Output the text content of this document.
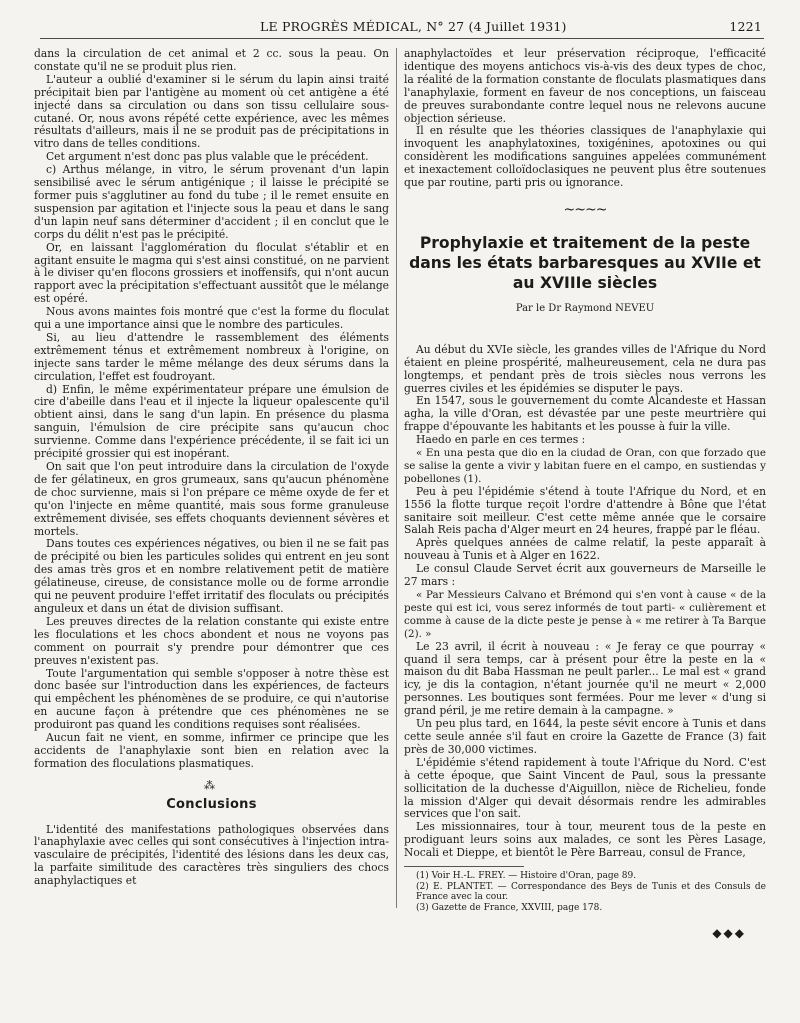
LE PROGRÈS MÉDICAL, N° 27 (4 Juillet 1931)	1221

dans la circulation de cet animal et 2 cc. sous la peau. On constate qu'il ne se produit plus rien.

L'auteur a oublié d'examiner si le sérum du lapin ainsi traité précipitait bien par l'antigène au moment où cet antigène a été injecté dans sa circulation ou dans son tissu cellulaire sous-cutané. Or, nous avons répété cette expérience, avec les mêmes résultats d'ailleurs, mais il ne se produit pas de précipitations in vitro dans de telles conditions.

Cet argument n'est donc pas plus valable que le précédent.

c) Arthus mélange, in vitro, le sérum provenant d'un lapin sensibilisé avec le sérum antigénique ; il laisse le précipité se former puis s'agglutiner au fond du tube ; il le remet ensuite en suspension par agitation et l'injecte sous la peau et dans le sang d'un lapin neuf sans déterminer d'accident ; il en conclut que le corps du délit n'est pas le précipité.

Or, en laissant l'agglomération du floculat s'établir et en agitant ensuite le magma qui s'est ainsi constitué, on ne parvient à le diviser qu'en flocons grossiers et inoffensifs, qui n'ont aucun rapport avec la précipitation s'effectuant aussitôt que le mélange est opéré.

Nous avons maintes fois montré que c'est la forme du floculat qui a une importance ainsi que le nombre des particules.

Si, au lieu d'attendre le rassemblement des éléments extrêmement ténus et extrêmement nombreux à l'origine, on injecte sans tarder le même mélange des deux sérums dans la circulation, l'effet est foudroyant.

d) Enfin, le même expérimentateur prépare une émulsion de cire d'abeille dans l'eau et il injecte la liqueur opalescente qu'il obtient ainsi, dans le sang d'un lapin. En présence du plasma sanguin, l'émulsion de cire précipite sans qu'aucun choc survienne. Comme dans l'expérience précédente, il se fait ici un précipité grossier qui est inopérant.

On sait que l'on peut introduire dans la circulation de l'oxyde de fer gélatineux, en gros grumeaux, sans qu'aucun phénomène de choc survienne, mais si l'on prépare ce même oxyde de fer et qu'on l'injecte en même quantité, mais sous forme granuleuse extrêmement divisée, ses effets choquants deviennent sévères et mortels.

Dans toutes ces expériences négatives, ou bien il ne se fait pas de précipité ou bien les particules solides qui entrent en jeu sont des amas très gros et en nombre relativement petit de matière gélatineuse, cireuse, de consistance molle ou de forme arrondie qui ne peuvent produire l'effet irritatif des floculats ou précipités anguleux et dans un état de division suffisant.

Les preuves directes de la relation constante qui existe entre les floculations et les chocs abondent et nous ne voyons pas comment on pourrait s'y prendre pour démontrer que ces preuves n'existent pas.

Toute l'argumentation qui semble s'opposer à notre thèse est donc basée sur l'introduction dans les expériences, de facteurs qui empêchent les phénomènes de se produire, ce qui n'autorise en aucune façon à prétendre que ces phénomènes ne se produiront pas quand les conditions requises sont réalisées.

Aucun fait ne vient, en somme, infirmer ce principe que les accidents de l'anaphylaxie sont bien en relation avec la formation des floculations plasmatiques.

⁂
Conclusions

L'identité des manifestations pathologiques observées dans l'anaphylaxie avec celles qui sont consécutives à l'injection intra-vasculaire de précipités, l'identité des lésions dans les deux cas, la parfaite similitude des caractères très singuliers des chocs anaphylactiques et

anaphylactoïdes et leur préservation réciproque, l'efficacité identique des moyens antichocs vis-à-vis des deux types de choc, la réalité de la formation constante de floculats plasmatiques dans l'anaphylaxie, forment en faveur de nos conceptions, un faisceau de preuves surabondante contre lequel nous ne relevons aucune objection sérieuse.

Il en résulte que les théories classiques de l'anaphylaxie qui invoquent les anaphylatoxines, toxigénines, apotoxines ou qui considèrent les modifications sanguines appelées communément et inexactement colloïdoclasiques ne peuvent plus être soutenues que par routine, parti pris ou ignorance.

~~~~
Prophylaxie et traitement de la peste dans les états barbaresques au XVIIe et au XVIIIe siècles
Par le Dr Raymond NEVEU

Au début du XVIe siècle, les grandes villes de l'Afrique du Nord étaient en pleine prospérité, malheureusement, cela ne dura pas longtemps, et pendant près de trois siècles nous verrons les guerres civiles et les épidémies se disputer le pays.

En 1547, sous le gouvernement du comte Alcandeste et Hassan agha, la ville d'Oran, est dévastée par une peste meurtrière qui frappe d'épouvante les habitants et les pousse à fuir la ville.

Haedo en parle en ces termes :

« En una pesta que dio en la ciudad de Oran, con que forzado que se salise la gente a vivir y labitan fuere en el campo, en sustiendas y pobellones (1).

Peu à peu l'épidémie s'étend à toute l'Afrique du Nord, et en 1556 la flotte turque reçoit l'ordre d'attendre à Bône que l'état sanitaire soit meilleur. C'est cette même année que le corsaire Salah Reis pacha d'Alger meurt en 24 heures, frappé par le fléau.

Après quelques années de calme relatif, la peste apparaît à nouveau à Tunis et à Alger en 1622.

Le consul Claude Servet écrit aux gouverneurs de Marseille le 27 mars :

« Par Messieurs Calvano et Brémond qui s'en vont à cause « de la peste qui est ici, vous serez informés de tout parti- « culièrement et comme à cause de la dicte peste je pense à « me retirer à Ta Barque (2). »

Le 23 avril, il écrit à nouveau : « Je feray ce que pourray « quand il sera temps, car à présent pour être la peste en la « maison du dit Baba Hassman ne peult parler... Le mal est « grand icy, je dis la contagion, n'étant journée qu'il ne meurt « 2,000 personnes. Les boutiques sont fermées. Pour me lever « d'ung si grand péril, je me retire demain à la campagne. »

Un peu plus tard, en 1644, la peste sévit encore à Tunis et dans cette seule année s'il faut en croire la Gazette de France (3) fait près de 30,000 victimes.

L'épidémie s'étend rapidement à toute l'Afrique du Nord. C'est à cette époque, que Saint Vincent de Paul, sous la pressante sollicitation de la duchesse d'Aiguillon, nièce de Richelieu, fonde la mission d'Alger qui devait désormais rendre les admirables services que l'on sait.

Les missionnaires, tour à tour, meurent tous de la peste en prodiguant leurs soins aux malades, ce sont les Pères Lasage, Nocali et Dieppe, et bientôt le Père Barreau, consul de France,

(1) Voir H.-L. FREY. — Histoire d'Oran, page 89.

(2) E. PLANTET. — Correspondance des Beys de Tunis et des Consuls de France avec la cour.

(3) Gazette de France, XXVIII, page 178.

◆◆◆
